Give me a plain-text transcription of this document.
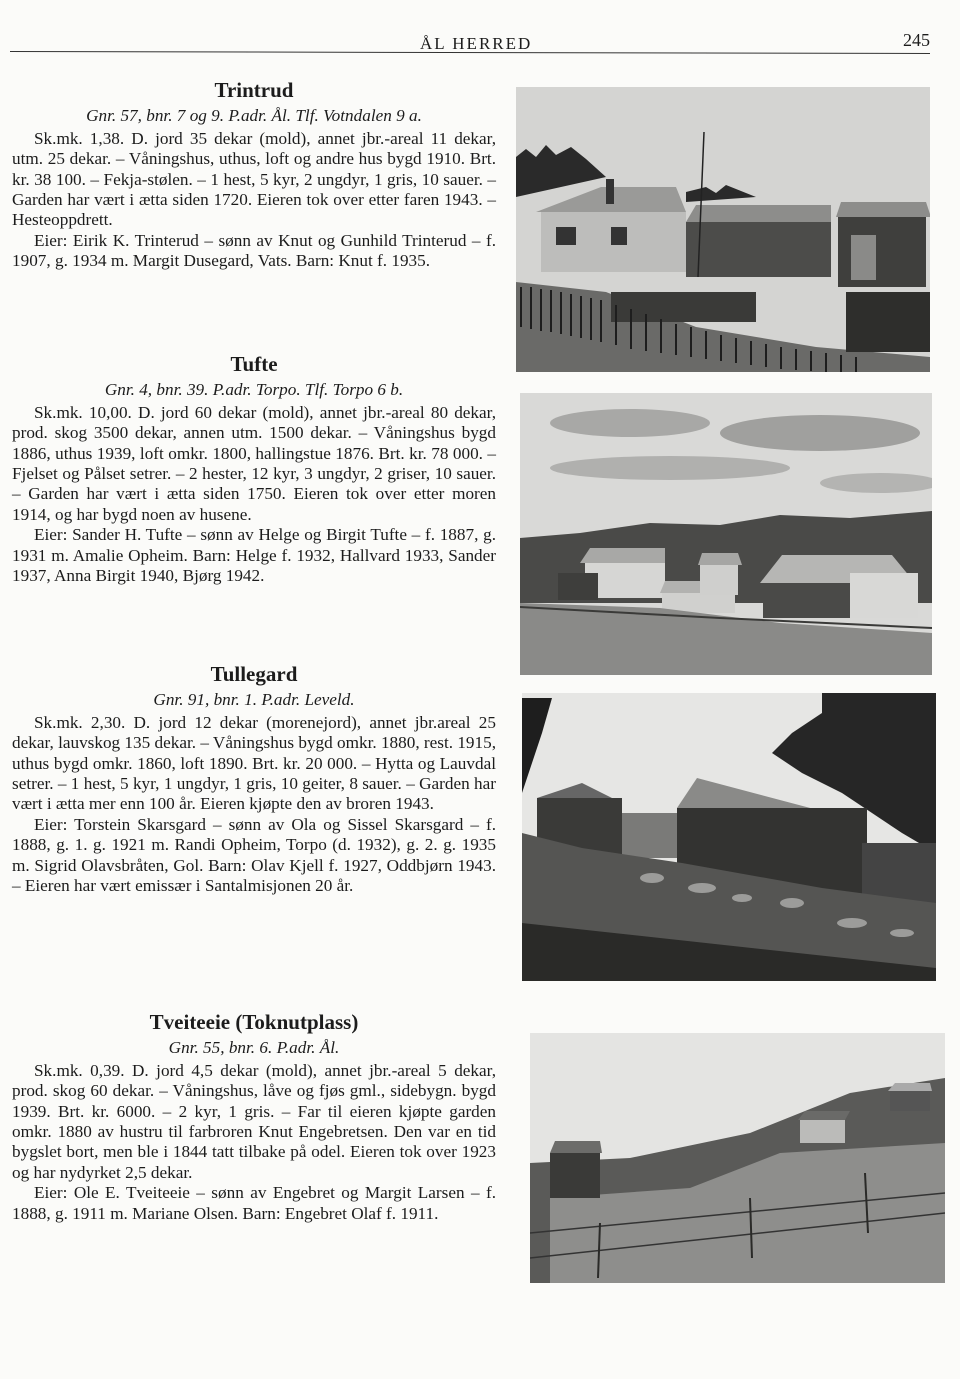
ÅL HERRED	245
Trintrud

Gnr. 57, bnr. 7 og 9. P.adr. Ål. Tlf. Votndalen 9 a.

Sk.mk. 1,38. D. jord 35 dekar (mold), annet jbr.-areal 11 dekar, utm. 25 dekar. – Våningshus, uthus, loft og andre hus bygd 1910. Brt. kr. 38 100. – Fekja-stølen. – 1 hest, 5 kyr, 2 ungdyr, 1 gris, 10 sauer. – Garden har vært i ætta siden 1720. Eieren tok over etter faren 1943. – Hesteoppdrett.

Eier: Eirik K. Trinterud – sønn av Knut og Gunhild Trinterud – f. 1907, g. 1934 m. Margit Dusegard, Vats. Barn: Knut f. 1935.

Tufte

Gnr. 4, bnr. 39. P.adr. Torpo. Tlf. Torpo 6 b.

Sk.mk. 10,00. D. jord 60 dekar (mold), annet jbr.-areal 80 dekar, prod. skog 3500 dekar, annen utm. 1500 dekar. – Våningshus bygd 1886, uthus 1939, loft omkr. 1800, hallingstue 1876. Brt. kr. 78 000. – Fjelset og Pålset setrer. – 2 hester, 12 kyr, 3 ungdyr, 2 griser, 10 sauer. – Garden har vært i ætta siden 1750. Eieren tok over etter moren 1914, og har bygd noen av husene.

Eier: Sander H. Tufte – sønn av Helge og Birgit Tufte – f. 1887, g. 1931 m. Amalie Opheim. Barn: Helge f. 1932, Hallvard 1933, Sander 1937, Anna Birgit 1940, Bjørg 1942.

Tullegard

Gnr. 91, bnr. 1. P.adr. Leveld.

Sk.mk. 2,30. D. jord 12 dekar (morenejord), annet jbr.areal 25 dekar, lauvskog 135 dekar. – Våningshus bygd omkr. 1880, rest. 1915, uthus bygd omkr. 1860, loft 1890. Brt. kr. 20 000. – Hytta og Lauvdal setrer. – 1 hest, 5 kyr, 1 ungdyr, 1 gris, 10 geiter, 8 sauer. – Garden har vært i ætta mer enn 100 år. Eieren kjøpte den av broren 1943.

Eier: Torstein Skarsgard – sønn av Ola og Sissel Skarsgard – f. 1888, g. 1. g. 1921 m. Randi Opheim, Torpo (d. 1932), g. 2. g. 1935 m. Sigrid Olavsbråten, Gol. Barn: Olav Kjell f. 1927, Oddbjørn 1943. – Eieren har vært emissær i Santalmisjonen 20 år.

Tveiteeie (Toknutplass)

Gnr. 55, bnr. 6. P.adr. Ål.

Sk.mk. 0,39. D. jord 4,5 dekar (mold), annet jbr.-areal 5 dekar, prod. skog 60 dekar. – Våningshus, låve og fjøs gml., sidebygn. bygd 1939. Brt. kr. 6000. – 2 kyr, 1 gris. – Far til eieren kjøpte garden omkr. 1880 av hustru til farbroren Knut Engebretsen. Den var en tid bygslet bort, men ble i 1844 tatt tilbake på odel. Eieren tok over 1923 og har nydyrket 2,5 dekar.

Eier: Ole E. Tveiteeie – sønn av Engebret og Margit Larsen – f. 1888, g. 1911 m. Mariane Olsen. Barn: Engebret Olaf f. 1911.
